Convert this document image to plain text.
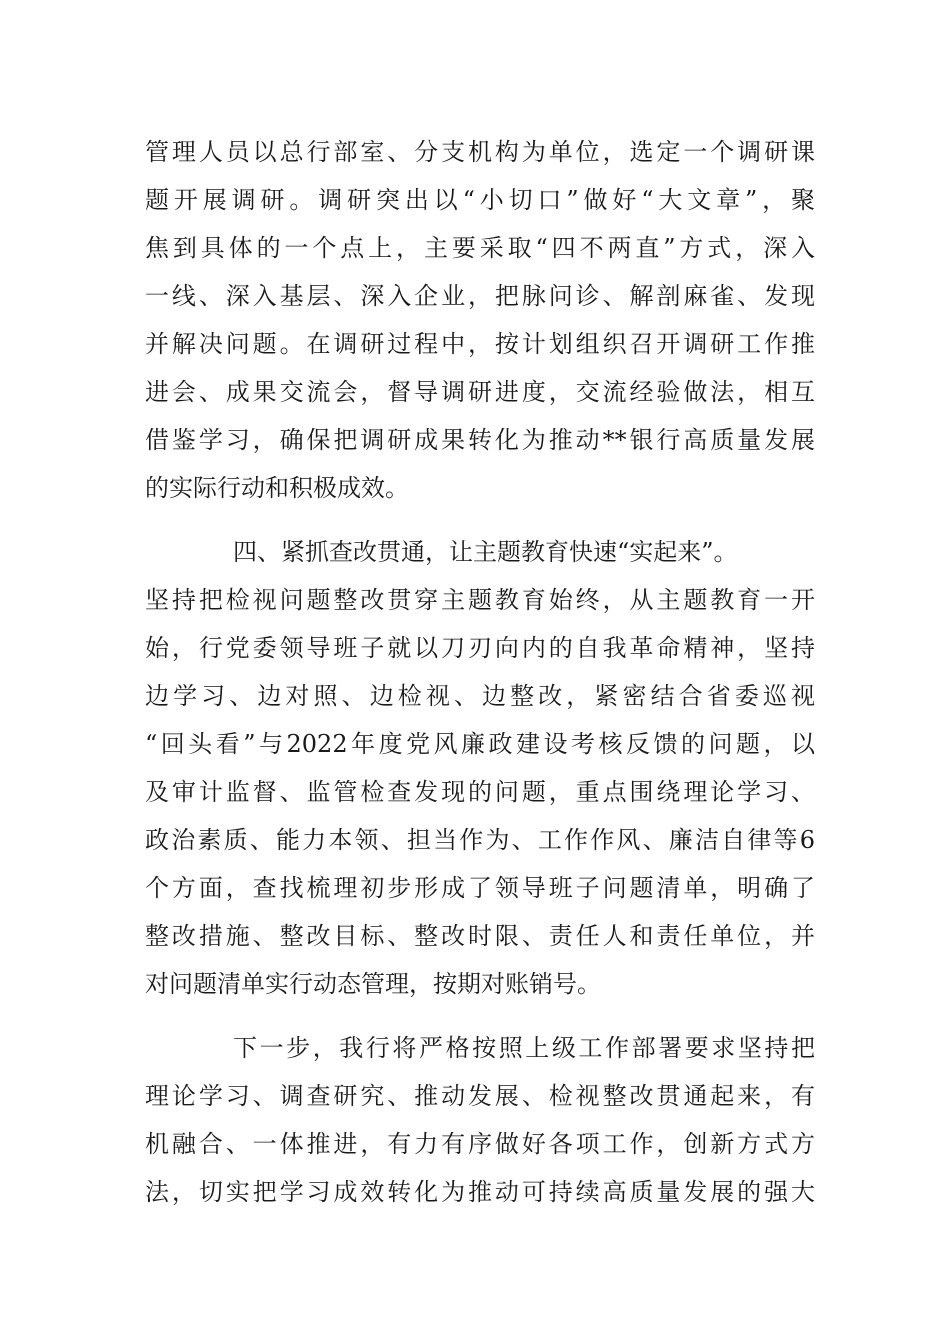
管理人员以总行部室、分支机构为单位，选定一个调研课
题开展调研。调研突出以“小切口”做好“大文章”，聚
焦到具体的一个点上，主要采取“四不两直”方式，深入
一线、深入基层、深入企业，把脉问诊、解剖麻雀、发现
并解决问题。在调研过程中，按计划组织召开调研工作推
进会、成果交流会，督导调研进度，交流经验做法，相互
借鉴学习，确保把调研成果转化为推动**银行高质量发展
的实际行动和积极成效。
四、紧抓查改贯通，让主题教育快速“实起来”。
坚持把检视问题整改贯穿主题教育始终，从主题教育一开
始，行党委领导班子就以刀刃向内的自我革命精神，坚持
边学习、边对照、边检视、边整改，紧密结合省委巡视
“回头看”与2022年度党风廉政建设考核反馈的问题，以
及审计监督、监管检查发现的问题，重点围绕理论学习、
政治素质、能力本领、担当作为、工作作风、廉洁自律等6
个方面，查找梳理初步形成了领导班子问题清单，明确了
整改措施、整改目标、整改时限、责任人和责任单位，并
对问题清单实行动态管理，按期对账销号。
下一步，我行将严格按照上级工作部署要求坚持把
理论学习、调查研究、推动发展、检视整改贯通起来，有
机融合、一体推进，有力有序做好各项工作，创新方式方
法，切实把学习成效转化为推动可持续高质量发展的强大
